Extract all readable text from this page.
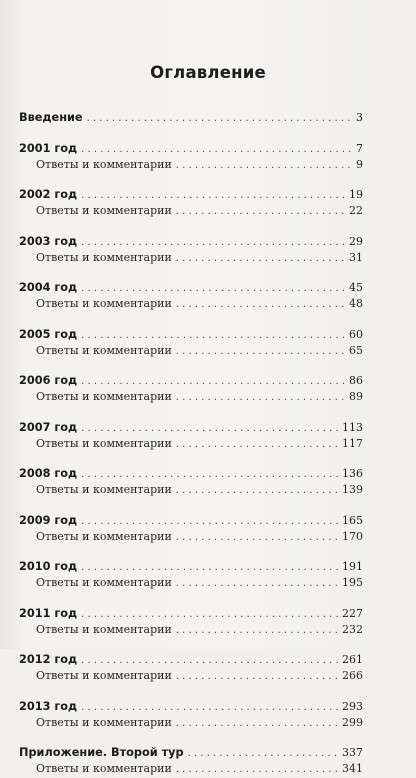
Оглавление
Введение . . .	3
2001 год . . .	7
Ответы и комментарии . . .	9
2002 год . . .	19
Ответы и комментарии . . .	22
2003 год . . .	29
Ответы и комментарии . . .	31
2004 год . . .	45
Ответы и комментарии . . .	48
2005 год . . .	60
Ответы и комментарии . . .	65
2006 год . . .	86
Ответы и комментарии . . .	89
2007 год . . .	113
Ответы и комментарии . . .	117
2008 год . . .	136
Ответы и комментарии . . .	139
2009 год . . .	165
Ответы и комментарии . . .	170
2010 год . . .	191
Ответы и комментарии . . .	195
2011 год . . .	227
Ответы и комментарии . . .	232
2012 год . . .	261
Ответы и комментарии . . .	266
2013 год . . .	293
Ответы и комментарии . . .	299
Приложение. Второй тур . . .	337
Ответы и комментарии . . .	341
